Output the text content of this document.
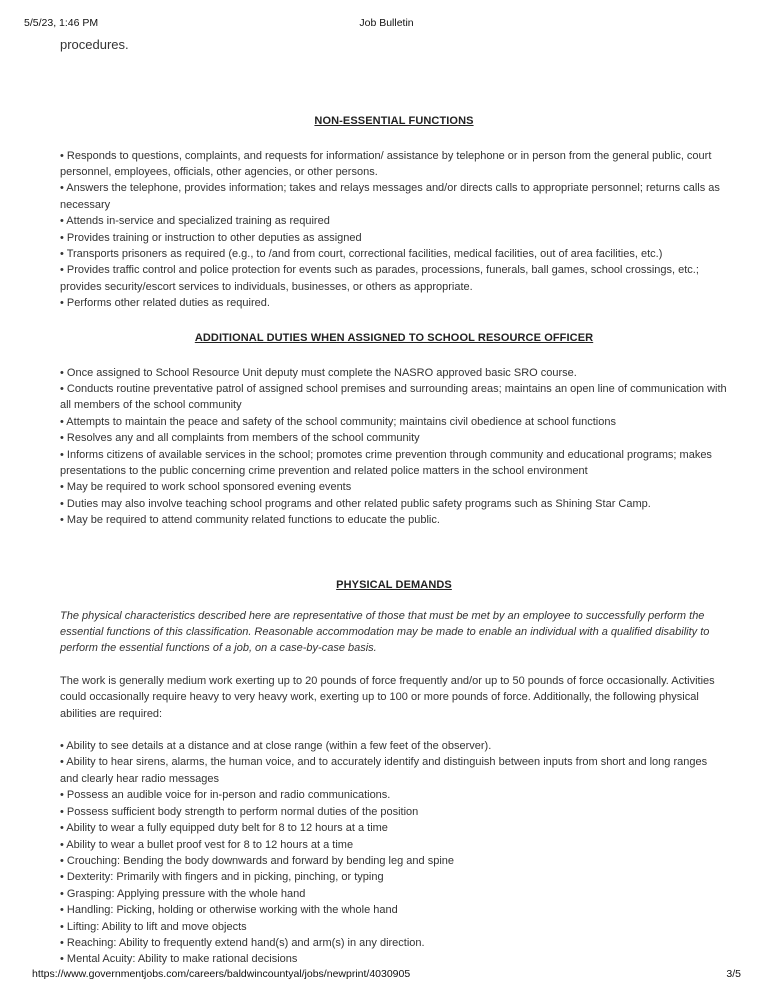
5/5/23, 1:46 PM	Job Bulletin

procedures.

NON-ESSENTIAL FUNCTIONS
• Responds to questions, complaints, and requests for information/ assistance by telephone or in person from the general public, court personnel, employees, officials, other agencies, or other persons.
• Answers the telephone, provides information; takes and relays messages and/or directs calls to appropriate personnel; returns calls as necessary
• Attends in-service and specialized training as required
• Provides training or instruction to other deputies as assigned
• Transports prisoners as required (e.g., to /and from court, correctional facilities, medical facilities, out of area facilities, etc.)
• Provides traffic control and police protection for events such as parades, processions, funerals, ball games, school crossings, etc.; provides security/escort services to individuals, businesses, or others as appropriate.
• Performs other related duties as required.
ADDITIONAL DUTIES WHEN ASSIGNED TO SCHOOL RESOURCE OFFICER
• Once assigned to School Resource Unit deputy must complete the NASRO approved basic SRO course.
• Conducts routine preventative patrol of assigned school premises and surrounding areas; maintains an open line of communication with all members of the school community
• Attempts to maintain the peace and safety of the school community; maintains civil obedience at school functions
• Resolves any and all complaints from members of the school community
• Informs citizens of available services in the school; promotes crime prevention through community and educational programs; makes presentations to the public concerning crime prevention and related police matters in the school environment
• May be required to work school sponsored evening events
• Duties may also involve teaching school programs and other related public safety programs such as Shining Star Camp.
• May be required to attend community related functions to educate the public.
PHYSICAL DEMANDS

The physical characteristics described here are representative of those that must be met by an employee to successfully perform the essential functions of this classification. Reasonable accommodation may be made to enable an individual with a qualified disability to perform the essential functions of a job, on a case-by-case basis.

The work is generally medium work exerting up to 20 pounds of force frequently and/or up to 50 pounds of force occasionally. Activities could occasionally require heavy to very heavy work, exerting up to 100 or more pounds of force. Additionally, the following physical abilities are required:

• Ability to see details at a distance and at close range (within a few feet of the observer).
• Ability to hear sirens, alarms, the human voice, and to accurately identify and distinguish between inputs from short and long ranges and clearly hear radio messages
• Possess an audible voice for in-person and radio communications.
• Possess sufficient body strength to perform normal duties of the position
• Ability to wear a fully equipped duty belt for 8 to 12 hours at a time
• Ability to wear a bullet proof vest for 8 to 12 hours at a time
• Crouching: Bending the body downwards and forward by bending leg and spine
• Dexterity: Primarily with fingers and in picking, pinching, or typing
• Grasping: Applying pressure with the whole hand
• Handling: Picking, holding or otherwise working with the whole hand
• Lifting: Ability to lift and move objects
• Reaching: Ability to frequently extend hand(s) and arm(s) in any direction.
• Mental Acuity: Ability to make rational decisions
https://www.governmentjobs.com/careers/baldwincountyal/jobs/newprint/4030905	3/5
